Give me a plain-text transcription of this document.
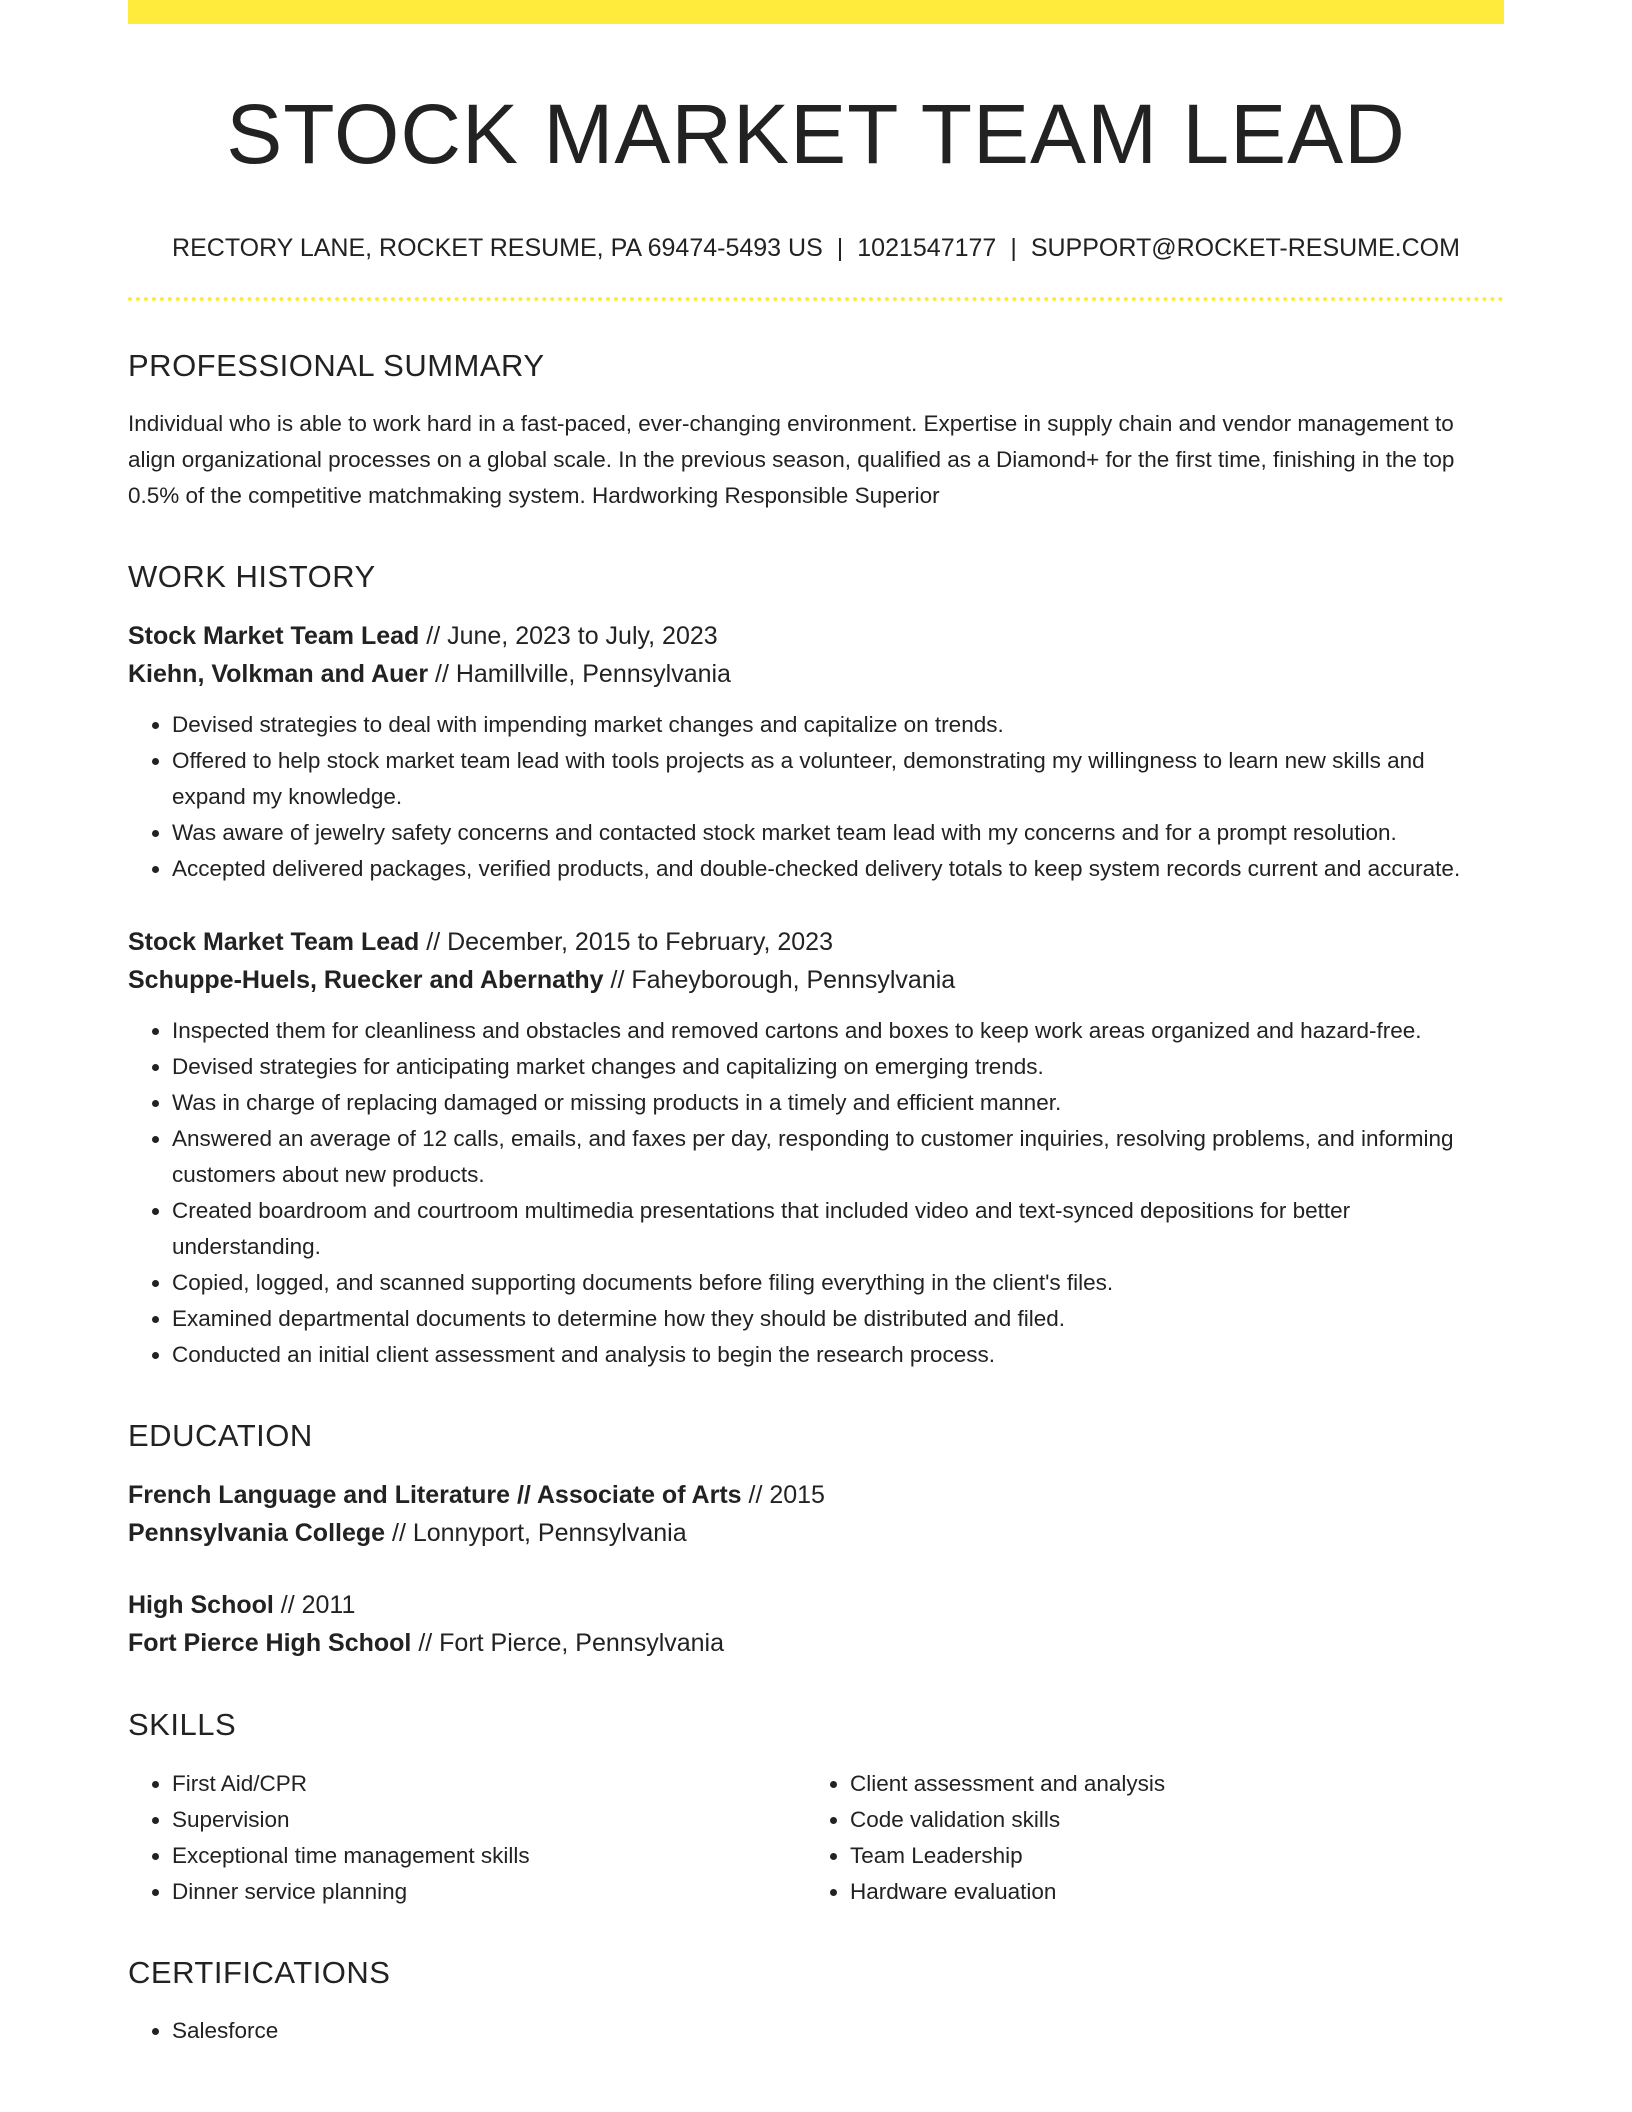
STOCK MARKET TEAM LEAD
RECTORY LANE, ROCKET RESUME, PA 69474-5493 US | 1021547177 | SUPPORT@ROCKET-RESUME.COM
PROFESSIONAL SUMMARY
Individual who is able to work hard in a fast-paced, ever-changing environment. Expertise in supply chain and vendor management to align organizational processes on a global scale. In the previous season, qualified as a Diamond+ for the first time, finishing in the top 0.5% of the competitive matchmaking system. Hardworking Responsible Superior
WORK HISTORY
Stock Market Team Lead // June, 2023 to July, 2023
Kiehn, Volkman and Auer // Hamillville, Pennsylvania
• Devised strategies to deal with impending market changes and capitalize on trends.
• Offered to help stock market team lead with tools projects as a volunteer, demonstrating my willingness to learn new skills and expand my knowledge.
• Was aware of jewelry safety concerns and contacted stock market team lead with my concerns and for a prompt resolution.
• Accepted delivered packages, verified products, and double-checked delivery totals to keep system records current and accurate.
Stock Market Team Lead // December, 2015 to February, 2023
Schuppe-Huels, Ruecker and Abernathy // Faheyborough, Pennsylvania
• Inspected them for cleanliness and obstacles and removed cartons and boxes to keep work areas organized and hazard-free.
• Devised strategies for anticipating market changes and capitalizing on emerging trends.
• Was in charge of replacing damaged or missing products in a timely and efficient manner.
• Answered an average of 12 calls, emails, and faxes per day, responding to customer inquiries, resolving problems, and informing customers about new products.
• Created boardroom and courtroom multimedia presentations that included video and text-synced depositions for better understanding.
• Copied, logged, and scanned supporting documents before filing everything in the client's files.
• Examined departmental documents to determine how they should be distributed and filed.
• Conducted an initial client assessment and analysis to begin the research process.
EDUCATION
French Language and Literature // Associate of Arts // 2015
Pennsylvania College // Lonnyport, Pennsylvania
High School // 2011
Fort Pierce High School // Fort Pierce, Pennsylvania
SKILLS
• First Aid/CPR
• Supervision
• Exceptional time management skills
• Dinner service planning
• Client assessment and analysis
• Code validation skills
• Team Leadership
• Hardware evaluation
CERTIFICATIONS
• Salesforce
